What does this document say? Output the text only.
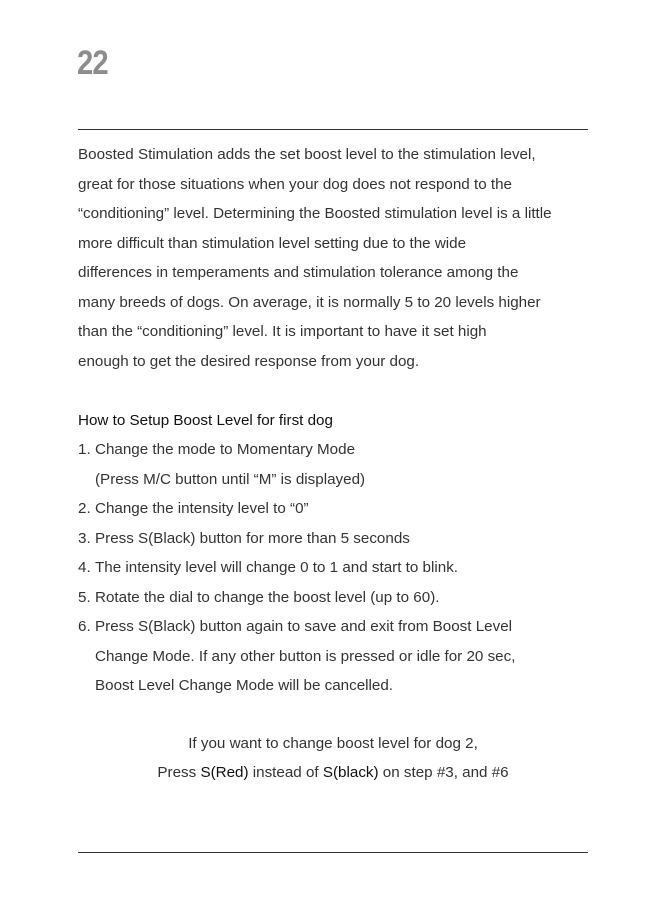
22
Boosted Stimulation adds the set boost level to the stimulation level,
great for those situations when your dog does not respond to the
“conditioning” level. Determining the Boosted stimulation level is a little
more difficult than stimulation level setting due to the wide
differences in temperaments and stimulation tolerance among the
many breeds of dogs. On average, it is normally 5 to 20 levels higher
than the “conditioning” level. It is important to have it set high
enough to get the desired response from your dog.
How to Setup Boost Level for first dog
1. Change the mode to Momentary Mode
(Press M/C button until “M” is displayed)
2. Change the intensity level to “0”
3. Press S(Black) button for more than 5 seconds
4. The intensity level will change 0 to 1 and start to blink.
5. Rotate the dial to change the boost level (up to 60).
6. Press S(Black) button again to save and exit from Boost Level
Change Mode. If any other button is pressed or idle for 20 sec,
Boost Level Change Mode will be cancelled.
If you want to change boost level for dog 2,
Press S(Red) instead of S(black) on step #3, and #6
